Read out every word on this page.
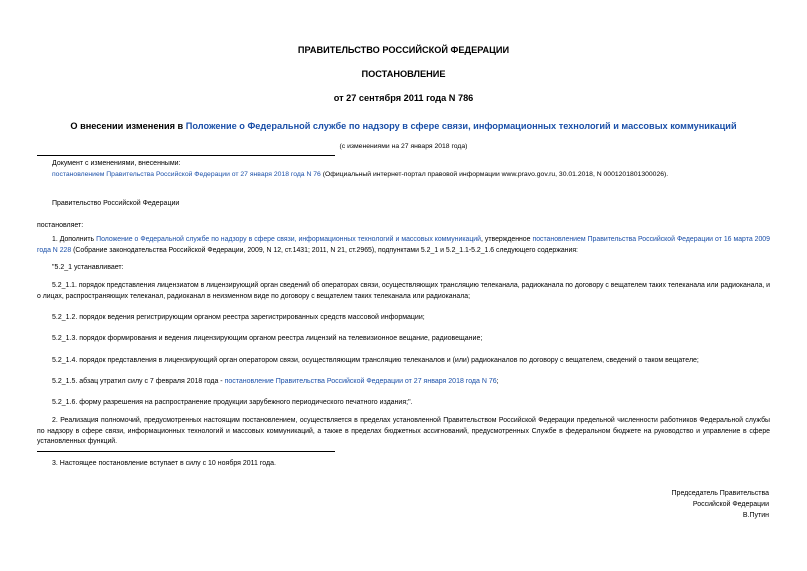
ПРАВИТЕЛЬСТВО РОССИЙСКОЙ ФЕДЕРАЦИИ
ПОСТАНОВЛЕНИЕ
от 27 сентября 2011 года N 786
О внесении изменения в Положение о Федеральной службе по надзору в сфере связи, информационных технологий и массовых коммуникаций
(с изменениями на 27 января 2018 года)
Документ с изменениями, внесенными:
постановлением Правительства Российской Федерации от 27 января 2018 года N 76 (Официальный интернет-портал правовой информации www.pravo.gov.ru, 30.01.2018, N 0001201801300026).
Правительство Российской Федерации
постановляет:
1. Дополнить Положение о Федеральной службе по надзору в сфере связи, информационных технологий и массовых коммуникаций, утвержденное постановлением Правительства Российской Федерации от 16 марта 2009 года N 228 (Собрание законодательства Российской Федерации, 2009, N 12, ст.1431; 2011, N 21, ст.2965), подпунктами 5.2_1 и 5.2_1.1-5.2_1.6 следующего содержания:
"5.2_1 устанавливает:
5.2_1.1. порядок представления лицензиатом в лицензирующий орган сведений об операторах связи, осуществляющих трансляцию телеканала, радиоканала по договору с вещателем таких телеканала или радиоканала, и о лицах, распространяющих телеканал, радиоканал в неизменном виде по договору с вещателем таких телеканала или радиоканала;
5.2_1.2. порядок ведения регистрирующим органом реестра зарегистрированных средств массовой информации;
5.2_1.3. порядок формирования и ведения лицензирующим органом реестра лицензий на телевизионное вещание, радиовещание;
5.2_1.4. порядок представления в лицензирующий орган оператором связи, осуществляющим трансляцию телеканалов и (или) радиоканалов по договору с вещателем, сведений о таком вещателе;
5.2_1.5. абзац утратил силу с 7 февраля 2018 года - постановление Правительства Российской Федерации от 27 января 2018 года N 76;
5.2_1.6. форму разрешения на распространение продукции зарубежного периодического печатного издания;".
2. Реализация полномочий, предусмотренных настоящим постановлением, осуществляется в пределах установленной Правительством Российской Федерации предельной численности работников Федеральной службы по надзору в сфере связи, информационных технологий и массовых коммуникаций, а также в пределах бюджетных ассигнований, предусмотренных Службе в федеральном бюджете на руководство и управление в сфере установленных функций.
3. Настоящее постановление вступает в силу с 10 ноября 2011 года.
Председатель Правительства
Российской Федерации
В.Путин
